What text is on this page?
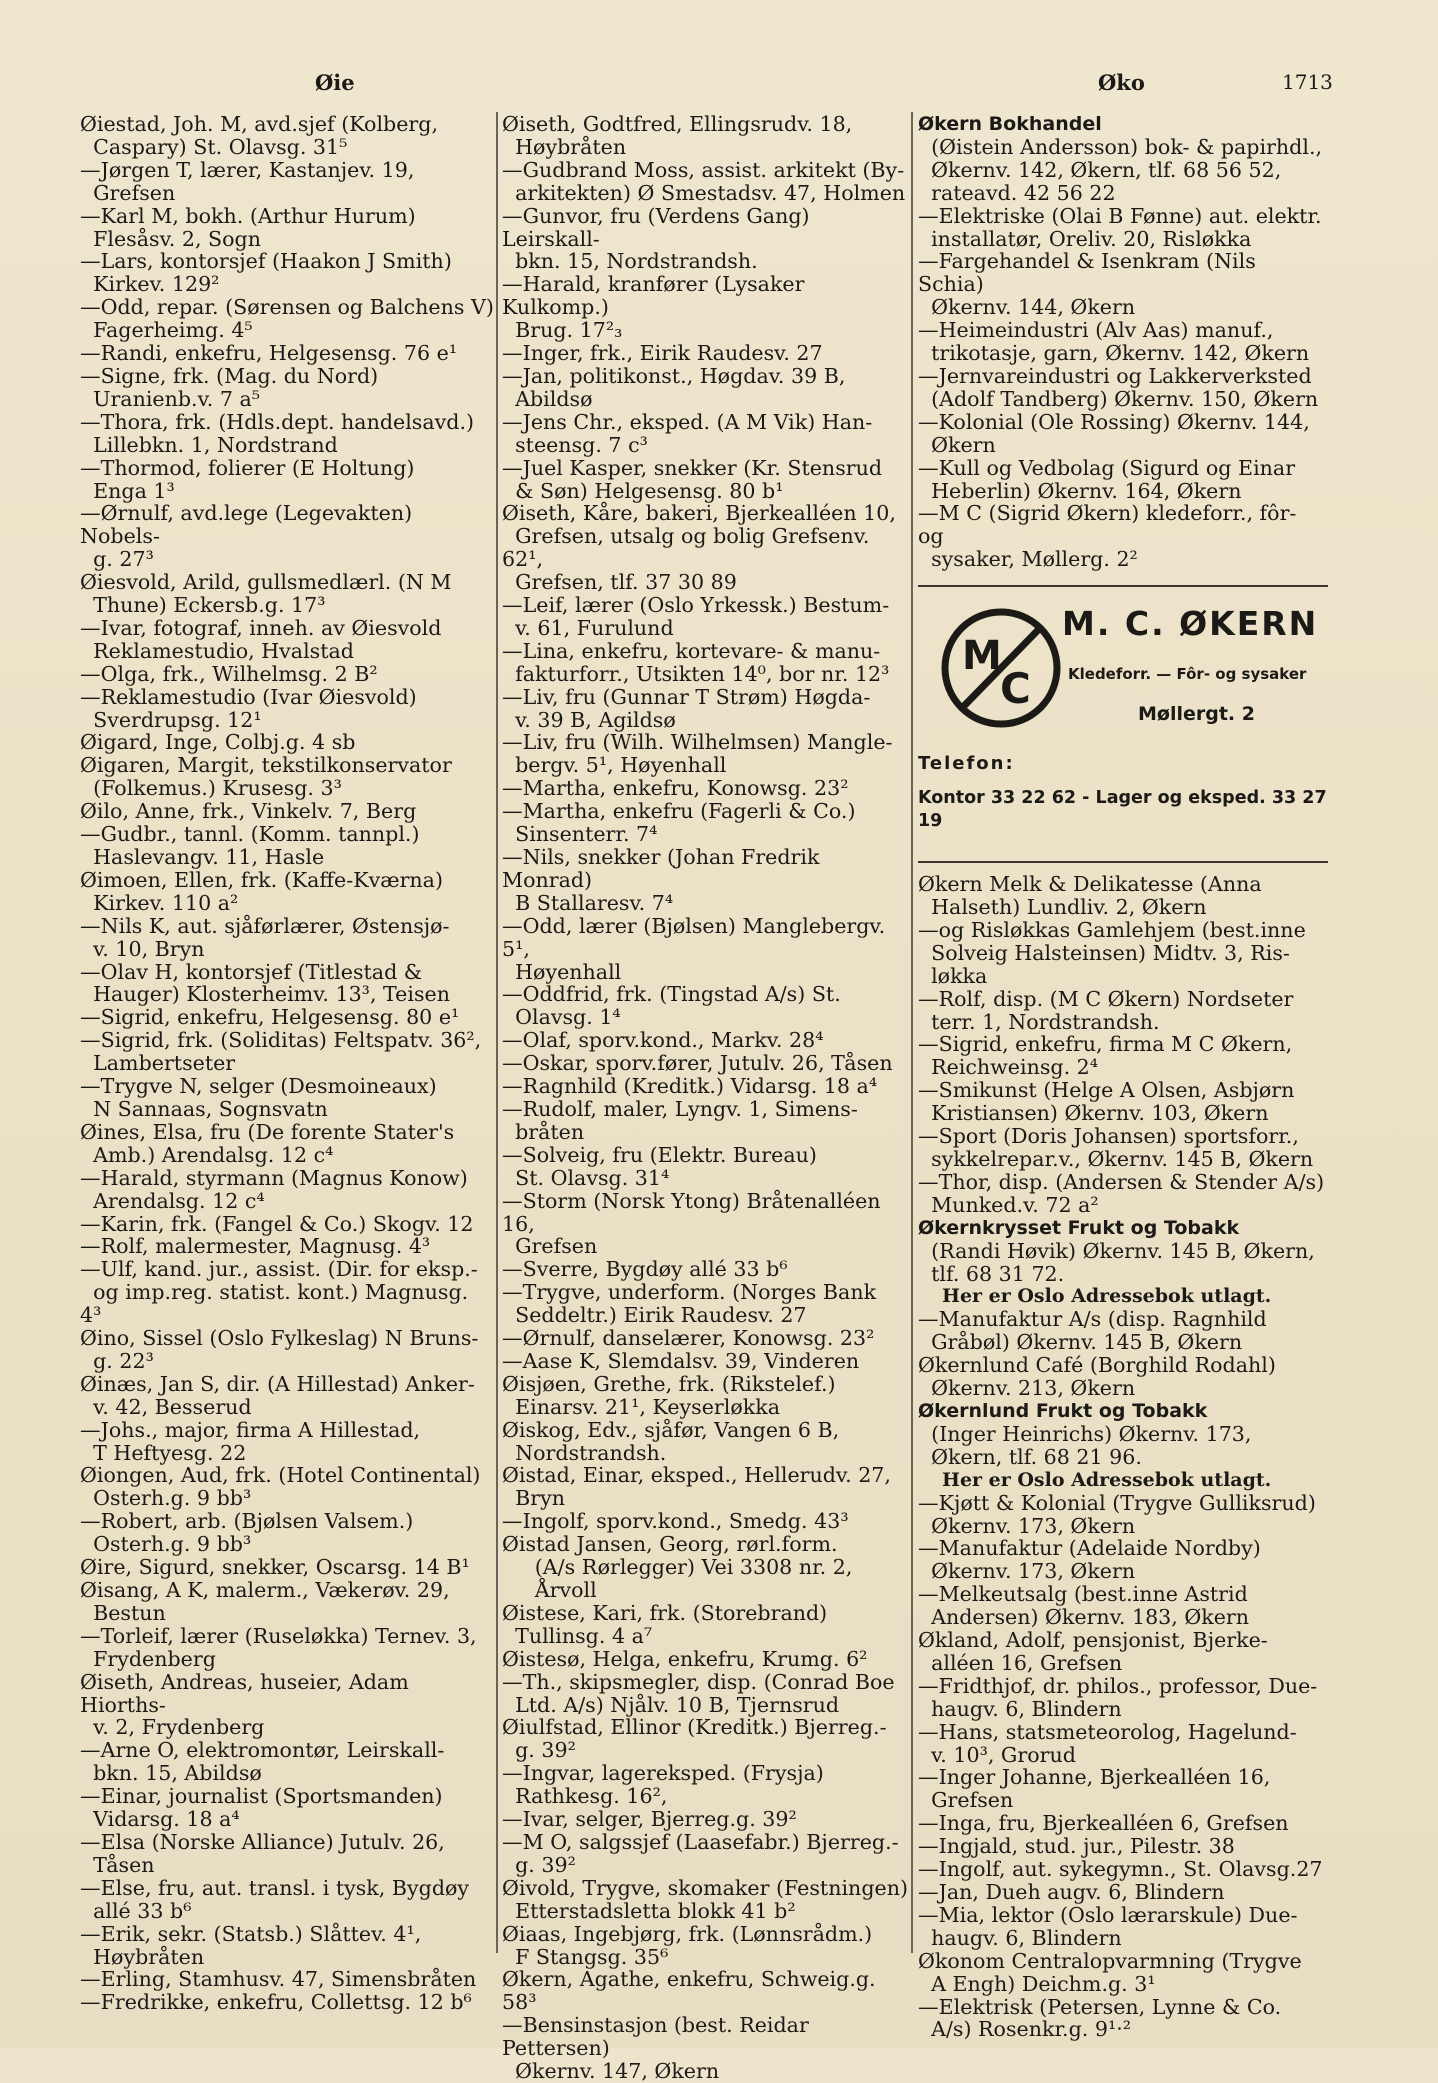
Øie	Øko	1713
Øiestad, Joh. M, avd.sjef (Kolberg,
Caspary) St. Olavsg. 31⁵
—Jørgen T, lærer, Kastanjev. 19,
Grefsen
—Karl M, bokh. (Arthur Hurum)
Flesåsv. 2, Sogn
—Lars, kontorsjef (Haakon J Smith)
Kirkev. 129²
—Odd, repar. (Sørensen og Balchens V)
Fagerheimg. 4⁵
—Randi, enkefru, Helgesensg. 76 e¹
—Signe, frk. (Mag. du Nord)
Uranienb.v. 7 a⁵
—Thora, frk. (Hdls.dept. handelsavd.)
Lillebkn. 1, Nordstrand
—Thormod, folierer (E Holtung)
Enga 1³
—Ørnulf, avd.lege (Legevakten) Nobels-
g. 27³
Øiesvold, Arild, gullsmedlærl. (N M
Thune) Eckersb.g. 17³
—Ivar, fotograf, inneh. av Øiesvold
Reklamestudio, Hvalstad
—Olga, frk., Wilhelmsg. 2 B²
—Reklamestudio (Ivar Øiesvold)
Sverdrupsg. 12¹
Øigard, Inge, Colbj.g. 4 sb
Øigaren, Margit, tekstilkonservator
(Folkemus.) Krusesg. 3³
Øilo, Anne, frk., Vinkelv. 7, Berg
—Gudbr., tannl. (Komm. tannpl.)
Haslevangv. 11, Hasle
Øimoen, Ellen, frk. (Kaffe-Kværna)
Kirkev. 110 a²
—Nils K, aut. sjåførlærer, Østensjø-
v. 10, Bryn
—Olav H, kontorsjef (Titlestad &
Hauger) Klosterheimv. 13³, Teisen
—Sigrid, enkefru, Helgesensg. 80 e¹
—Sigrid, frk. (Soliditas) Feltspatv. 36²,
Lambertseter
—Trygve N, selger (Desmoineaux)
N Sannaas, Sognsvatn
Øines, Elsa, fru (De forente Stater's
Amb.) Arendalsg. 12 c⁴
—Harald, styrmann (Magnus Konow)
Arendalsg. 12 c⁴
—Karin, frk. (Fangel & Co.) Skogv. 12
—Rolf, malermester, Magnusg. 4³
—Ulf, kand. jur., assist. (Dir. for eksp.-
og imp.reg. statist. kont.) Magnusg. 4³
Øino, Sissel (Oslo Fylkeslag) N Bruns-
g. 22³
Øinæs, Jan S, dir. (A Hillestad) Anker-
v. 42, Besserud
—Johs., major, firma A Hillestad,
T Heftyesg. 22
Øiongen, Aud, frk. (Hotel Continental)
Osterh.g. 9 bb³
—Robert, arb. (Bjølsen Valsem.)
Osterh.g. 9 bb³
Øire, Sigurd, snekker, Oscarsg. 14 B¹
Øisang, A K, malerm., Vækerøv. 29,
Bestun
—Torleif, lærer (Ruseløkka) Ternev. 3,
Frydenberg
Øiseth, Andreas, huseier, Adam Hiorths-
v. 2, Frydenberg
—Arne O, elektromontør, Leirskall-
bkn. 15, Abildsø
—Einar, journalist (Sportsmanden)
Vidarsg. 18 a⁴
—Elsa (Norske Alliance) Jutulv. 26,
Tåsen
—Else, fru, aut. transl. i tysk, Bygdøy
allé 33 b⁶
—Erik, sekr. (Statsb.) Slåttev. 4¹,
Høybråten
—Erling, Stamhusv. 47, Simensbråten
—Fredrikke, enkefru, Collettsg. 12 b⁶
Øiseth, Godtfred, Ellingsrudv. 18,
Høybråten
—Gudbrand Moss, assist. arkitekt (By-
arkitekten) Ø Smestadsv. 47, Holmen
—Gunvor, fru (Verdens Gang) Leirskall-
bkn. 15, Nordstrandsh.
—Harald, kranfører (Lysaker Kulkomp.)
Brug. 17²₃
—Inger, frk., Eirik Raudesv. 27
—Jan, politikonst., Høgdav. 39 B,
Abildsø
—Jens Chr., eksped. (A M Vik) Han-
steensg. 7 c³
—Juel Kasper, snekker (Kr. Stensrud
& Søn) Helgesensg. 80 b¹
Øiseth, Kåre, bakeri, Bjerkealléen 10,
Grefsen, utsalg og bolig Grefsenv. 62¹,
Grefsen, tlf. 37 30 89
—Leif, lærer (Oslo Yrkessk.) Bestum-
v. 61, Furulund
—Lina, enkefru, kortevare- & manu-
fakturforr., Utsikten 14⁰, bor nr. 12³
—Liv, fru (Gunnar T Strøm) Høgda-
v. 39 B, Agildsø
—Liv, fru (Wilh. Wilhelmsen) Mangle-
bergv. 5¹, Høyenhall
—Martha, enkefru, Konowsg. 23²
—Martha, enkefru (Fagerli & Co.)
Sinsenterr. 7⁴
—Nils, snekker (Johan Fredrik Monrad)
B Stallaresv. 7⁴
—Odd, lærer (Bjølsen) Manglebergv. 5¹,
Høyenhall
—Oddfrid, frk. (Tingstad A/s) St.
Olavsg. 1⁴
—Olaf, sporv.kond., Markv. 28⁴
—Oskar, sporv.fører, Jutulv. 26, Tåsen
—Ragnhild (Kreditk.) Vidarsg. 18 a⁴
—Rudolf, maler, Lyngv. 1, Simens-
bråten
—Solveig, fru (Elektr. Bureau)
St. Olavsg. 31⁴
—Storm (Norsk Ytong) Bråtenalléen 16,
Grefsen
—Sverre, Bygdøy allé 33 b⁶
—Trygve, underform. (Norges Bank
Seddeltr.) Eirik Raudesv. 27
—Ørnulf, danselærer, Konowsg. 23²
—Aase K, Slemdalsv. 39, Vinderen
Øisjøen, Grethe, frk. (Rikstelef.)
Einarsv. 21¹, Keyserløkka
Øiskog, Edv., sjåfør, Vangen 6 B,
Nordstrandsh.
Øistad, Einar, eksped., Hellerudv. 27,
Bryn
—Ingolf, sporv.kond., Smedg. 43³
Øistad Jansen, Georg, rørl.form.
(A/s Rørlegger) Vei 3308 nr. 2,
Årvoll
Øistese, Kari, frk. (Storebrand)
Tullinsg. 4 a⁷
Øistesø, Helga, enkefru, Krumg. 6²
—Th., skipsmegler, disp. (Conrad Boe
Ltd. A/s) Njålv. 10 B, Tjernsrud
Øiulfstad, Ellinor (Kreditk.) Bjerreg.-
g. 39²
—Ingvar, lagereksped. (Frysja)
Rathkesg. 16²,
—Ivar, selger, Bjerreg.g. 39²
—M O, salgssjef (Laasefabr.) Bjerreg.-
g. 39²
Øivold, Trygve, skomaker (Festningen)
Etterstadsletta blokk 41 b²
Øiaas, Ingebjørg, frk. (Lønnsrådm.)
F Stangsg. 35⁶
Økern, Agathe, enkefru, Schweig.g. 58³
—Bensinstasjon (best. Reidar Pettersen)
Økernv. 147, Økern
Økern Bokhandel
(Øistein Andersson) bok- & papirhdl.,
Økernv. 142, Økern, tlf. 68 56 52,
rateavd. 42 56 22
—Elektriske (Olai B Fønne) aut. elektr.
installatør, Oreliv. 20, Risløkka
—Fargehandel & Isenkram (Nils Schia)
Økernv. 144, Økern
—Heimeindustri (Alv Aas) manuf.,
trikotasje, garn, Økernv. 142, Økern
—Jernvareindustri og Lakkerverksted
(Adolf Tandberg) Økernv. 150, Økern
—Kolonial (Ole Rossing) Økernv. 144,
Økern
—Kull og Vedbolag (Sigurd og Einar
Heberlin) Økernv. 164, Økern
—M C (Sigrid Økern) kledeforr., fôr- og
sysaker, Møllerg. 2²
M
C
M. C. ØKERN
Kledeforr. — Fôr- og sysaker
Møllergt. 2
Telefon:
Kontor 33 22 62 - Lager og eksped. 33 27 19
Økern Melk & Delikatesse (Anna
Halseth) Lundliv. 2, Økern
—og Risløkkas Gamlehjem (best.inne
Solveig Halsteinsen) Midtv. 3, Ris-
løkka
—Rolf, disp. (M C Økern) Nordseter
terr. 1, Nordstrandsh.
—Sigrid, enkefru, firma M C Økern,
Reichweinsg. 2⁴
—Smikunst (Helge A Olsen, Asbjørn
Kristiansen) Økernv. 103, Økern
—Sport (Doris Johansen) sportsforr.,
sykkelrepar.v., Økernv. 145 B, Økern
—Thor, disp. (Andersen & Stender A/s)
Munked.v. 72 a²
Økernkrysset Frukt og Tobakk
(Randi Høvik) Økernv. 145 B, Økern,
tlf. 68 31 72.
Her er Oslo Adressebok utlagt.
—Manufaktur A/s (disp. Ragnhild
Gråbøl) Økernv. 145 B, Økern
Økernlund Café (Borghild Rodahl)
Økernv. 213, Økern
Økernlund Frukt og Tobakk
(Inger Heinrichs) Økernv. 173,
Økern, tlf. 68 21 96.
Her er Oslo Adressebok utlagt.
—Kjøtt & Kolonial (Trygve Gulliksrud)
Økernv. 173, Økern
—Manufaktur (Adelaide Nordby)
Økernv. 173, Økern
—Melkeutsalg (best.inne Astrid
Andersen) Økernv. 183, Økern
Økland, Adolf, pensjonist, Bjerke-
alléen 16, Grefsen
—Fridthjof, dr. philos., professor, Due-
haugv. 6, Blindern
—Hans, statsmeteorolog, Hagelund-
v. 10³, Grorud
—Inger Johanne, Bjerkealléen 16,
Grefsen
—Inga, fru, Bjerkealléen 6, Grefsen
—Ingjald, stud. jur., Pilestr. 38
—Ingolf, aut. sykegymn., St. Olavsg.27
—Jan, Dueh augv. 6, Blindern
—Mia, lektor (Oslo lærarskule) Due-
haugv. 6, Blindern
Økonom Centralopvarmning (Trygve
A Engh) Deichm.g. 3¹
—Elektrisk (Petersen, Lynne & Co.
A/s) Rosenkr.g. 9¹‧²
